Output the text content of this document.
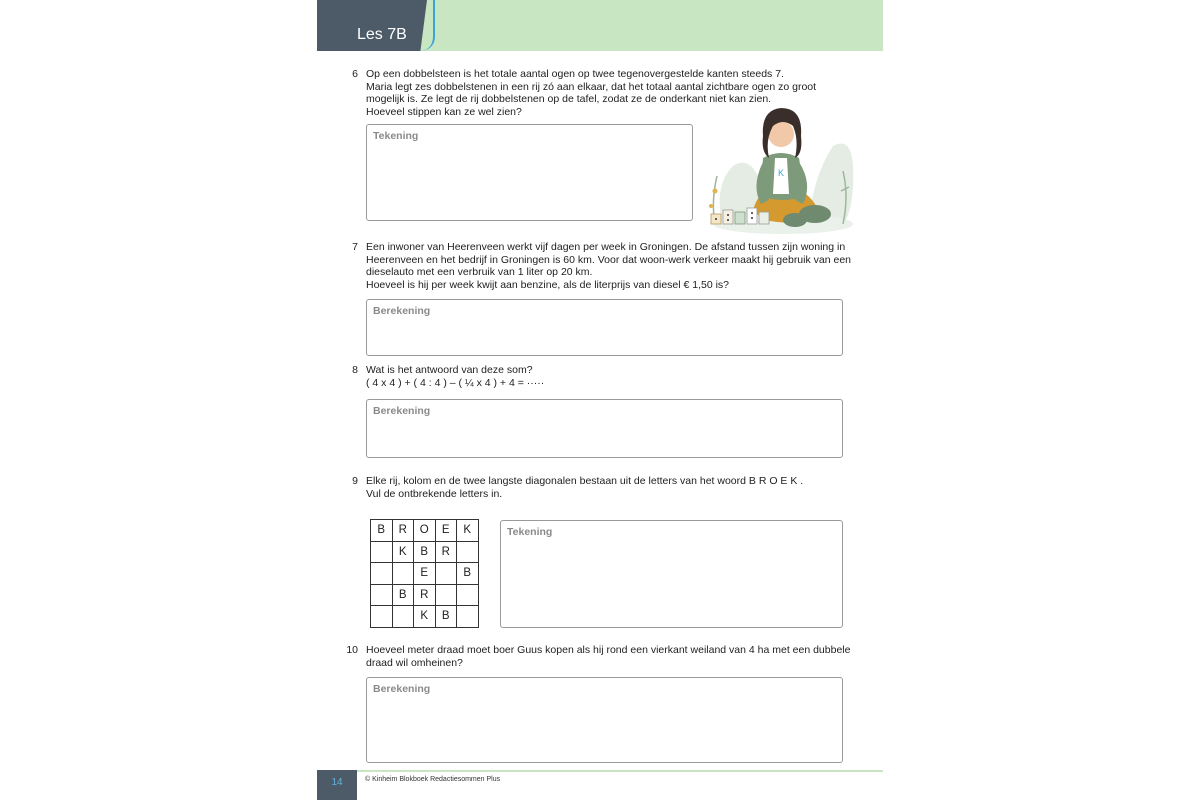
Les 7B
6 Op een dobbelsteen is het totale aantal ogen op twee tegenovergestelde kanten steeds 7.
Maria legt zes dobbelstenen in een rij zó aan elkaar, dat het totaal aantal zichtbare ogen zo groot
mogelijk is. Ze legt de rij dobbelstenen op de tafel, zodat ze de onderkant niet kan zien.
Hoeveel stippen kan ze wel zien?
Tekening
K
7 Een inwoner van Heerenveen werkt vijf dagen per week in Groningen. De afstand tussen zijn woning in
Heerenveen en het bedrijf in Groningen is 60 km. Voor dat woon-werk verkeer maakt hij gebruik van een
dieselauto met een verbruik van 1 liter op 20 km.
Hoeveel is hij per week kwijt aan benzine, als de literprijs van diesel € 1,50 is?
Berekening
8 Wat is het antwoord van deze som?
( 4 x 4 ) + ( 4 : 4 ) – ( ¼ x 4 ) + 4 = ·····
Berekening
9 Elke rij, kolom en de twee langste diagonalen bestaan uit de letters van het woord B R O E K .
Vul de ontbrekende letters in.
B	R	O	E	K
	K	B	R	
		E		B
	B	R		
		K	B	
Tekening
10 Hoeveel meter draad moet boer Guus kopen als hij rond een vierkant weiland van 4 ha met een dubbele
draad wil omheinen?
Berekening
14	© Kinheim Blokboek Redactiesommen Plus
